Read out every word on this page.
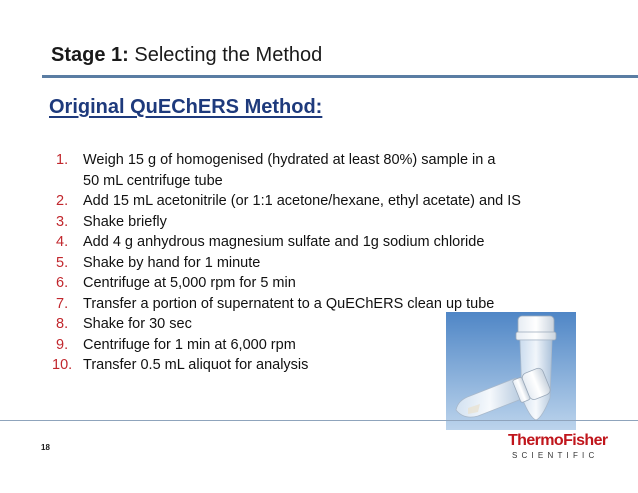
Stage 1: Selecting the Method
Original QuEChERS Method:
1. Weigh 15 g of homogenised (hydrated at least 80%) sample in a
50 mL centrifuge tube
2. Add 15 mL acetonitrile (or 1:1 acetone/hexane, ethyl acetate) and IS
3. Shake briefly
4. Add 4 g anhydrous magnesium sulfate and 1g sodium chloride
5. Shake by hand for 1 minute
6. Centrifuge at 5,000 rpm for 5 min
7. Transfer a portion of supernatent to a QuEChERS clean up tube
8. Shake for 30 sec
9. Centrifuge for 1 min at 6,000 rpm
10. Transfer 0.5 mL aliquot for analysis
18	ThermoFisher
SCIENTIFIC
